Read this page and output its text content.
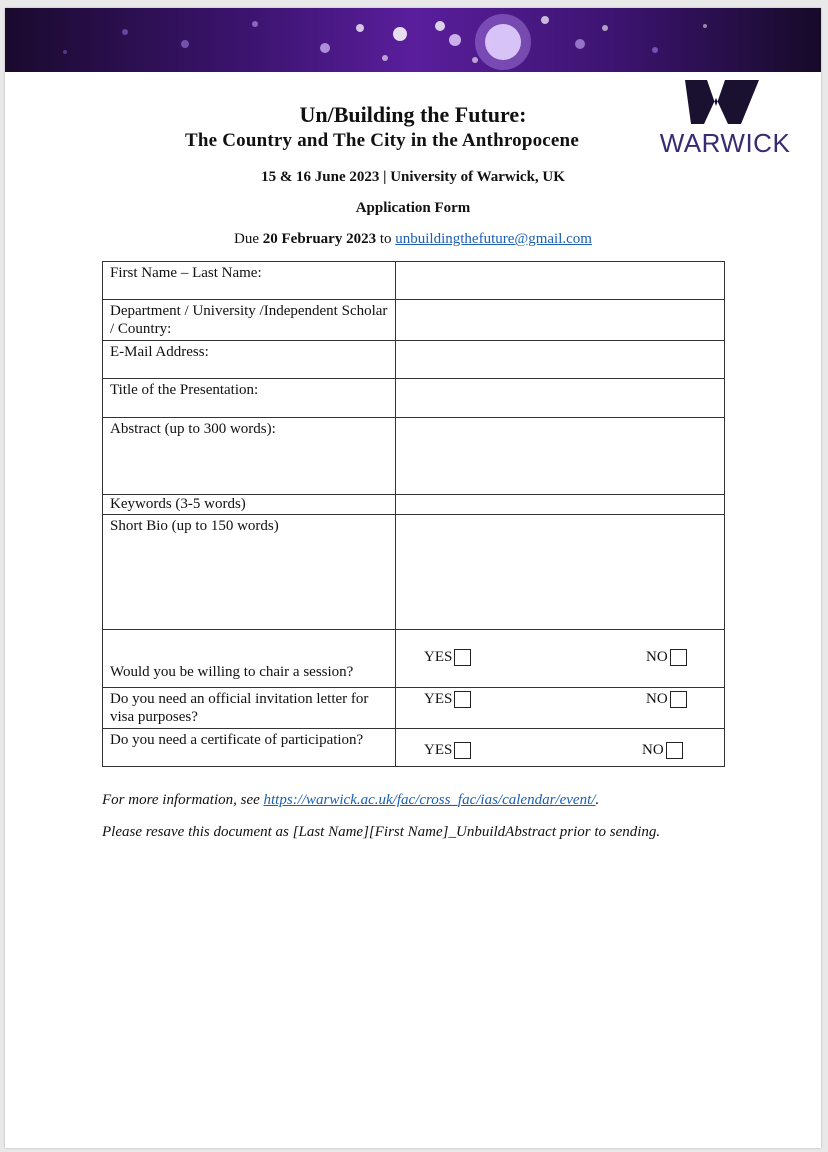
WARWICK
Un/Building the Future:
The Country and The City in the Anthropocene
15 & 16 June 2023 | University of Warwick, UK
Application Form
Due 20 February 2023 to unbuildingthefuture@gmail.com
First Name – Last Name:	
Department / University /Independent Scholar / Country:	
E-Mail Address:	
Title of the Presentation:	
Abstract (up to 300 words):	
Keywords (3-5 words)	
Short Bio (up to 150 words)	
Would you be willing to chair a session?	YES NO

Do you need an official invitation letter for visa purposes?	YES NO

Do you need a certificate of participation?	YES NO
For more information, see https://warwick.ac.uk/fac/cross_fac/ias/calendar/event/.
Please resave this document as [Last Name][First Name]_UnbuildAbstract prior to sending.
